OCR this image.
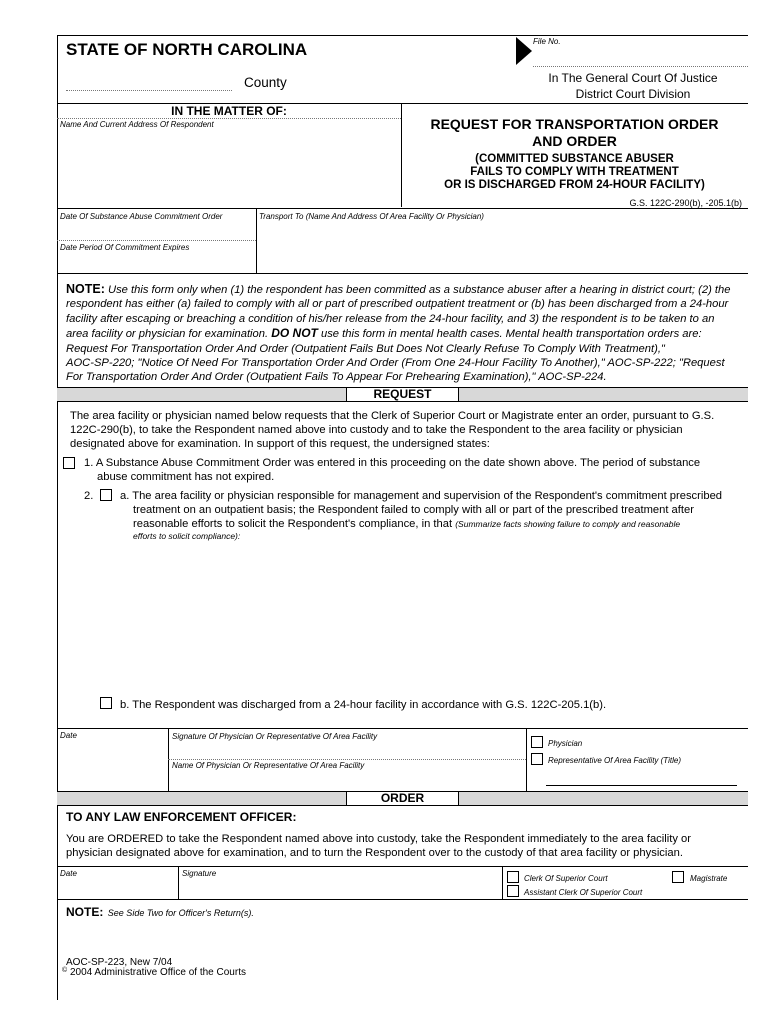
STATE OF NORTH CAROLINA
County
File No.
In The General Court Of Justice
District Court Division
IN THE MATTER OF:
Name And Current Address Of Respondent	REQUEST FOR TRANSPORTATION ORDER
AND ORDER
(COMMITTED SUBSTANCE ABUSER
FAILS TO COMPLY WITH TREATMENT
OR IS DISCHARGED FROM 24-HOUR FACILITY)
G.S. 122C-290(b), -205.1(b)
Date Of Substance Abuse Commitment Order	Transport To (Name And Address Of Area Facility Or Physician)
Date Period Of Commitment Expires
NOTE: Use this form only when (1) the respondent has been committed as a substance abuser after a hearing in district court; (2) the
respondent has either (a) failed to comply with all or part of prescribed outpatient treatment or (b) has been discharged from a 24-hour
facility after escaping or breaching a condition of his/her release from the 24-hour facility, and 3) the respondent is to be taken to an
area facility or physician for examination. DO NOT use this form in mental health cases. Mental health transportation orders are:
Request For Transportation Order And Order (Outpatient Fails But Does Not Clearly Refuse To Comply With Treatment),"
AOC-SP-220; "Notice Of Need For Transportation Order And Order (From One 24-Hour Facility To Another)," AOC-SP-222; "Request
For Transportation Order And Order (Outpatient Fails To Appear For Prehearing Examination)," AOC-SP-224.
REQUEST
The area facility or physician named below requests that the Clerk of Superior Court or Magistrate enter an order, pursuant to G.S.
122C-290(b), to take the Respondent named above into custody and to take the Respondent to the area facility or physician
designated above for examination. In support of this request, the undersigned states:
1. A Substance Abuse Commitment Order was entered in this proceeding on the date shown above. The period of substance
abuse commitment has not expired.
2. a. The area facility or physician responsible for management and supervision of the Respondent's commitment prescribed
treatment on an outpatient basis; the Respondent failed to comply with all or part of the prescribed treatment after
reasonable efforts to solicit the Respondent's compliance, in that (Summarize facts showing failure to comply and reasonable
efforts to solicit compliance):
b. The Respondent was discharged from a 24-hour facility in accordance with G.S. 122C-205.1(b).
Date	Signature Of Physician Or Representative Of Area Facility
Name Of Physician Or Representative Of Area Facility
Physician
Representative Of Area Facility (Title)
ORDER
TO ANY LAW ENFORCEMENT OFFICER:
You are ORDERED to take the Respondent named above into custody, take the Respondent immediately to the area facility or
physician designated above for examination, and to turn the Respondent over to the custody of that area facility or physician.
Date	Signature
Clerk Of Superior Court
Assistant Clerk Of Superior Court
Magistrate
NOTE: See Side Two for Officer's Return(s).
AOC-SP-223, New 7/04
© 2004 Administrative Office of the Courts
